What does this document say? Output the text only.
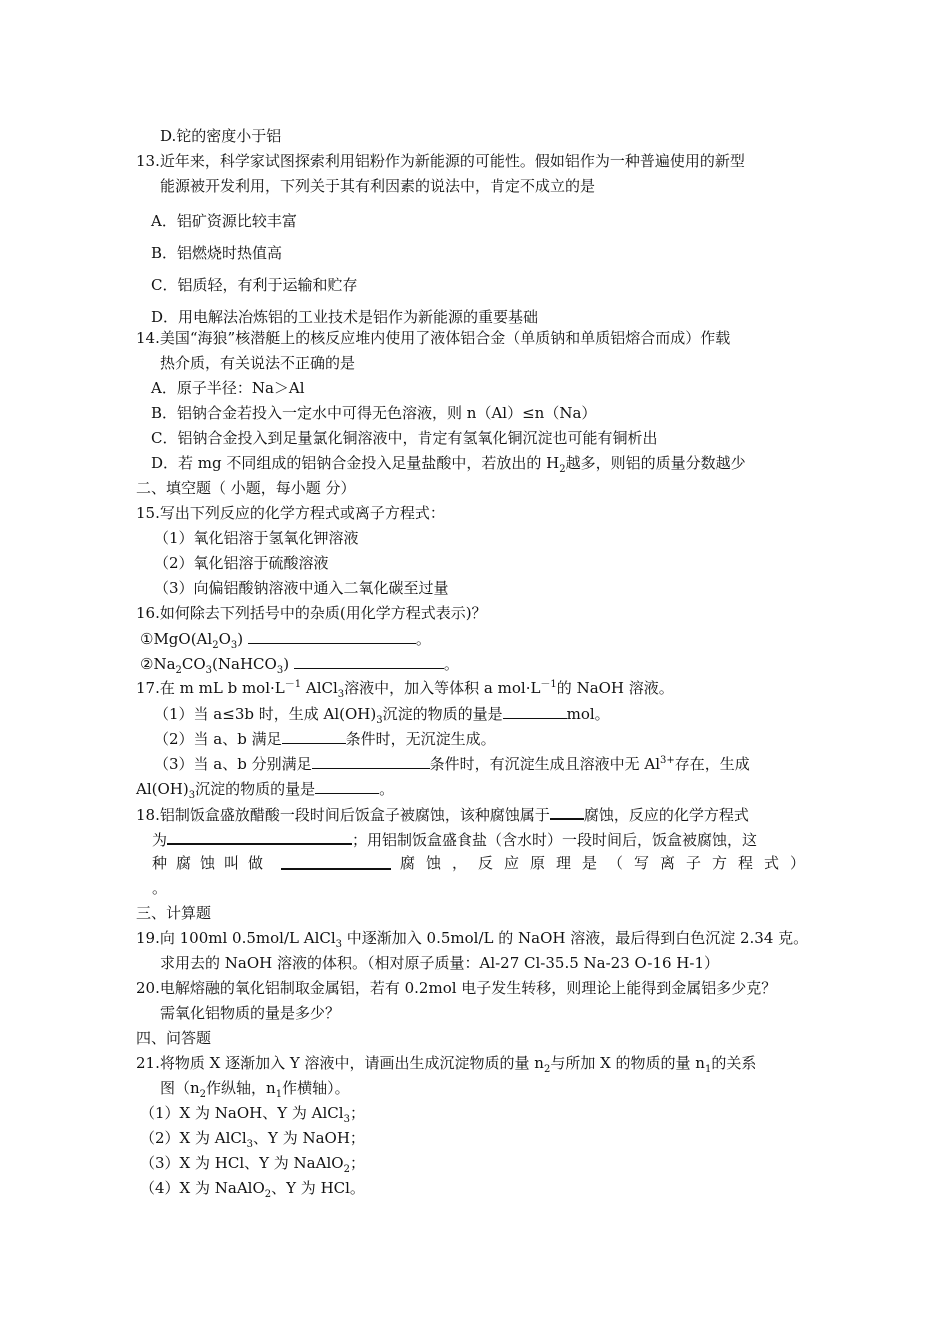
D.铊的密度小于铝
13.近年来，科学家试图探索利用铝粉作为新能源的可能性。假如铝作为一种普遍使用的新型
能源被开发利用，下列关于其有利因素的说法中，肯定不成立的是
A．铝矿资源比较丰富
B．铝燃烧时热值高
C．铝质轻，有利于运输和贮存
D．用电解法冶炼铝的工业技术是铝作为新能源的重要基础
14.美国“海狼”核潜艇上的核反应堆内使用了液体铝合金（单质钠和单质铝熔合而成）作载
热介质，有关说法不正确的是
A．原子半径：Na＞Al
B．铝钠合金若投入一定水中可得无色溶液，则 n（Al）≤n（Na）
C．铝钠合金投入到足量氯化铜溶液中，肯定有氢氧化铜沉淀也可能有铜析出
D．若 mg 不同组成的铝钠合金投入足量盐酸中，若放出的 $H_2$越多，则铝的质量分数越少
二、填空题（ 小题，每小题 分）
15.写出下列反应的化学方程式或离子方程式：
（1）氧化铝溶于氢氧化钾溶液
（2）氧化铝溶于硫酸溶液
（3）向偏铝酸钠溶液中通入二氧化碳至过量
16.如何除去下列括号中的杂质(用化学方程式表示)？
$①MgO(Al_2O_3)$	。
$②Na_2CO_3(NaHCO_3)$	。
17.在 m mL b $mol\cdot L^{-1}$ AlCl$_3$溶液中，加入等体积 a $mol\cdot L^{-1}$的 NaOH 溶液。
（1）当 a≤3b 时，生成 $Al(OH)_3$沉淀的物质的量是	mol。
（2）当 a、b 满足	条件时，无沉淀生成。
（3）当 a、b 分别满足	条件时，有沉淀生成且溶液中无 $Al^{3+}$存在，生成
$Al(OH)_3$沉淀的物质的量是	。
18.铝制饭盒盛放醋酸一段时间后饭盒子被腐蚀，该种腐蚀属于 腐蚀，反应的化学方程式
为	；用铝制饭盒盛食盐（含水时）一段时间后，饭盒被腐蚀，这
种腐蚀叫做	腐蚀，反应原理是（写离子方程式）
。
三、计算题
19.向 100ml 0.5mol/L AlCl$_3$ 中逐渐加入 0.5mol/L 的 NaOH 溶液，最后得到白色沉淀 2.34 克。
求用去的 NaOH 溶液的体积。（相对原子质量：Al-27 Cl-35.5 Na-23 O-16 H-1）
20.电解熔融的氧化铝制取金属铝，若有 0.2mol 电子发生转移，则理论上能得到金属铝多少克？
需氧化铝物质的量是多少？
四、问答题
21.将物质 X 逐渐加入 Y 溶液中，请画出生成沉淀物质的量 $n_2$与所加 X 的物质的量 $n_1$的关系
图（$n_2$作纵轴，$n_1$作横轴）。
（1）X 为 NaOH、Y 为 AlCl$_3$；
（2）X 为 AlCl$_3$、Y 为 NaOH；
（3）X 为 HCl、Y 为 NaAlO$_2$；
（4）X 为 NaAlO$_2$、Y 为 HCl。
